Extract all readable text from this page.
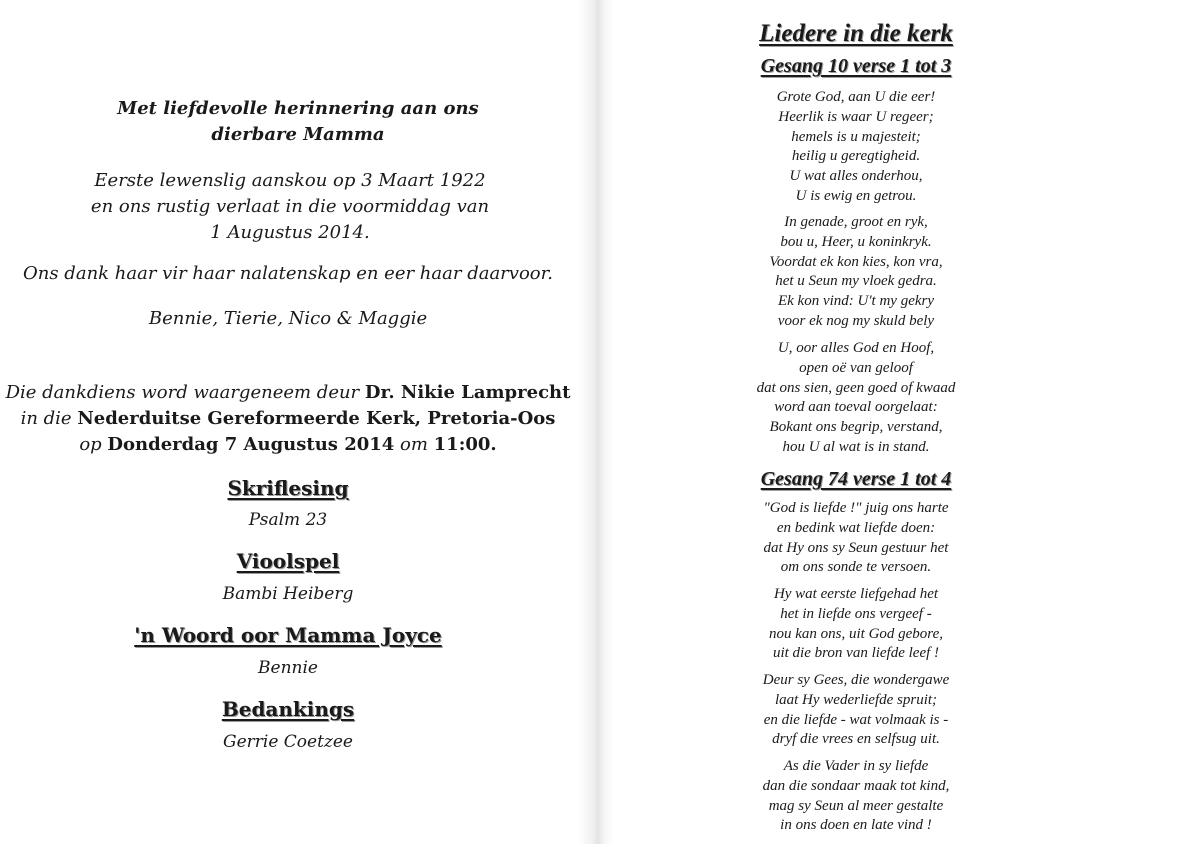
Met liefdevolle herinnering aan ons
dierbare Mamma
Eerste lewenslig aanskou op 3 Maart 1922
en ons rustig verlaat in die voormiddag van
1 Augustus 2014.
Ons dank haar vir haar nalatenskap en eer haar daarvoor.
Bennie, Tierie, Nico & Maggie
Die dankdiens word waargeneem deur Dr. Nikie Lamprecht
in die Nederduitse Gereformeerde Kerk, Pretoria-Oos
op Donderdag 7 Augustus 2014 om 11:00.
Skriflesing
Psalm 23
Vioolspel
Bambi Heiberg
'n Woord oor Mamma Joyce
Bennie
Bedankings
Gerrie Coetzee
Liedere in die kerk
Gesang 10 verse 1 tot 3
Grote God, aan U die eer!
Heerlik is waar U regeer;
hemels is u majesteit;
heilig u geregtigheid.
U wat alles onderhou,
U is ewig en getrou.
In genade, groot en ryk,
bou u, Heer, u koninkryk.
Voordat ek kon kies, kon vra,
het u Seun my vloek gedra.
Ek kon vind: U't my gekry
voor ek nog my skuld bely
U, oor alles God en Hoof,
open oë van geloof
dat ons sien, geen goed of kwaad
word aan toeval oorgelaat:
Bokant ons begrip, verstand,
hou U al wat is in stand.
Gesang 74 verse 1 tot 4
"God is liefde !" juig ons harte
en bedink wat liefde doen:
dat Hy ons sy Seun gestuur het
om ons sonde te versoen.
Hy wat eerste liefgehad het
het in liefde ons vergeef -
nou kan ons, uit God gebore,
uit die bron van liefde leef !
Deur sy Gees, die wondergawe
laat Hy wederliefde spruit;
en die liefde - wat volmaak is -
dryf die vrees en selfsug uit.
As die Vader in sy liefde
dan die sondaar maak tot kind,
mag sy Seun al meer gestalte
in ons doen en late vind !
